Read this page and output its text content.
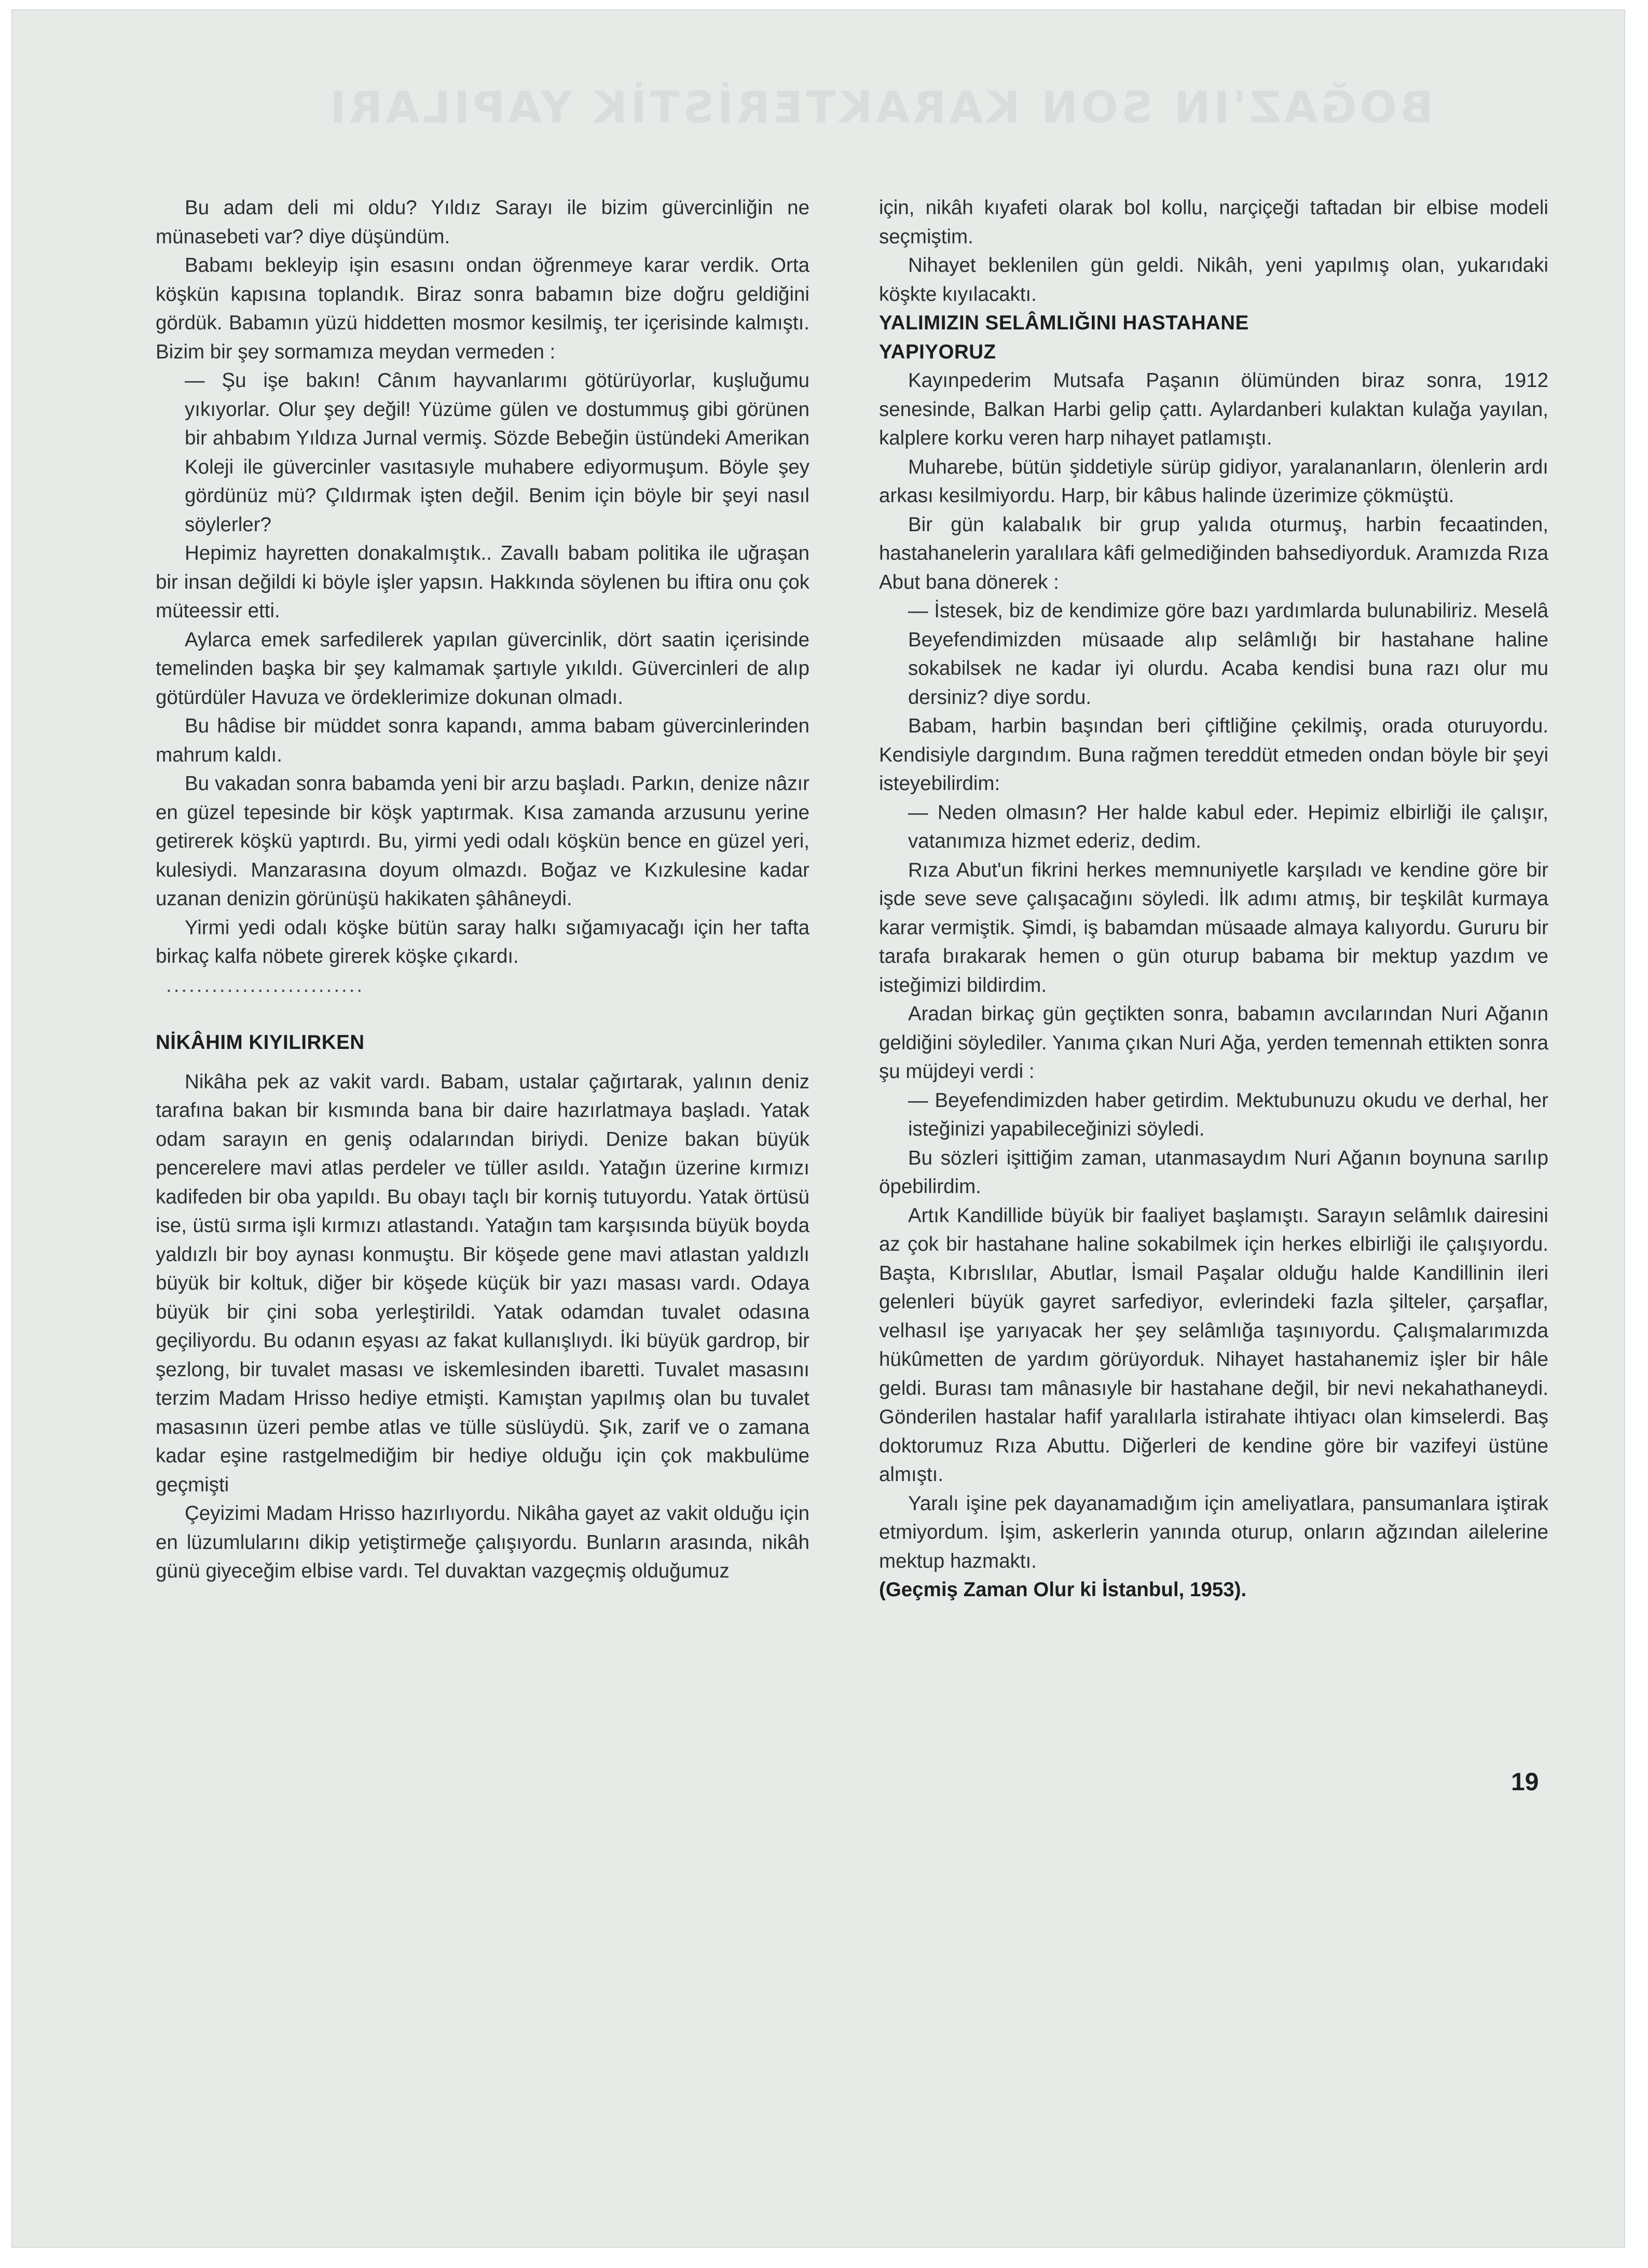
BOĞAZ'IN SON KARAKTERİSTİK YAPILARI

Bu adam deli mi oldu? Yıldız Sarayı ile bizim güvercinliğin ne münasebeti var? diye düşündüm.

Babamı bekleyip işin esasını ondan öğrenmeye karar verdik. Orta köşkün kapısına toplandık. Biraz sonra babamın bize doğru geldiğini gördük. Babamın yüzü hiddetten mosmor kesilmiş, ter içerisinde kalmıştı. Bizim bir şey sormamıza meydan vermeden :

— Şu işe bakın! Cânım hayvanlarımı götürüyorlar, kuşluğumu yıkıyorlar. Olur şey değil! Yüzüme gülen ve dostummuş gibi görünen bir ahbabım Yıldıza Jurnal vermiş. Sözde Bebeğin üstündeki Amerikan Koleji ile güvercinler vasıtasıyle muhabere ediyormuşum. Böyle şey gördünüz mü? Çıldırmak işten değil. Benim için böyle bir şeyi nasıl söylerler?

Hepimiz hayretten donakalmıştık.. Zavallı babam politika ile uğraşan bir insan değildi ki böyle işler yapsın. Hakkında söylenen bu iftira onu çok müteessir etti.

Aylarca emek sarfedilerek yapılan güvercinlik, dört saatin içerisinde temelinden başka bir şey kalmamak şartıyle yıkıldı. Güvercinleri de alıp götürdüler Havuza ve ördeklerimize dokunan olmadı.

Bu hâdise bir müddet sonra kapandı, amma babam güvercinlerinden mahrum kaldı.

Bu vakadan sonra babamda yeni bir arzu başladı. Parkın, denize nâzır en güzel tepesinde bir köşk yaptırmak. Kısa zamanda arzusunu yerine getirerek köşkü yaptırdı. Bu, yirmi yedi odalı köşkün bence en güzel yeri, kulesiydi. Manzarasına doyum olmazdı. Boğaz ve Kızkulesine kadar uzanan denizin görünüşü hakikaten şâhâneydi.

Yirmi yedi odalı köşke bütün saray halkı sığamıyacağı için her tafta birkaç kalfa nöbete girerek köşke çıkardı.

..........................
NİKÂHIM KIYILIRKEN

Nikâha pek az vakit vardı. Babam, ustalar çağırtarak, yalının deniz tarafına bakan bir kısmında bana bir daire hazırlatmaya başladı. Yatak odam sarayın en geniş odalarından biriydi. Denize bakan büyük pencerelere mavi atlas perdeler ve tüller asıldı. Yatağın üzerine kırmızı kadifeden bir oba yapıldı. Bu obayı taçlı bir korniş tutuyordu. Yatak örtüsü ise, üstü sırma işli kırmızı atlastandı. Yatağın tam karşısında büyük boyda yaldızlı bir boy aynası konmuştu. Bir köşede gene mavi atlastan yaldızlı büyük bir koltuk, diğer bir köşede küçük bir yazı masası vardı. Odaya büyük bir çini soba yerleştirildi. Yatak odamdan tuvalet odasına geçiliyordu. Bu odanın eşyası az fakat kullanışlıydı. İki büyük gardrop, bir şezlong, bir tuvalet masası ve iskemlesinden ibaretti. Tuvalet masasını terzim Madam Hrisso hediye etmişti. Kamıştan yapılmış olan bu tuvalet masasının üzeri pembe atlas ve tülle süslüydü. Şık, zarif ve o zamana kadar eşine rastgelmediğim bir hediye olduğu için çok makbulüme geçmişti

Çeyizimi Madam Hrisso hazırlıyordu. Nikâha gayet az vakit olduğu için en lüzumlularını dikip yetiştirmeğe çalışıyordu. Bunların arasında, nikâh günü giyeceğim elbise vardı. Tel duvaktan vazgeçmiş olduğumuz

için, nikâh kıyafeti olarak bol kollu, narçiçeği taftadan bir elbise modeli seçmiştim.

Nihayet beklenilen gün geldi. Nikâh, yeni yapılmış olan, yukarıdaki köşkte kıyılacaktı.

YALIMIZIN SELÂMLIĞINI HASTAHANE
YAPIYORUZ

Kayınpederim Mutsafa Paşanın ölümünden biraz sonra, 1912 senesinde, Balkan Harbi gelip çattı. Aylardanberi kulaktan kulağa yayılan, kalplere korku veren harp nihayet patlamıştı.

Muharebe, bütün şiddetiyle sürüp gidiyor, yaralananların, ölenlerin ardı arkası kesilmiyordu. Harp, bir kâbus halinde üzerimize çökmüştü.

Bir gün kalabalık bir grup yalıda oturmuş, harbin fecaatinden, hastahanelerin yaralılara kâfi gelmediğinden bahsediyorduk. Aramızda Rıza Abut bana dönerek :

— İstesek, biz de kendimize göre bazı yardımlarda bulunabiliriz. Meselâ Beyefendimizden müsaade alıp selâmlığı bir hastahane haline sokabilsek ne kadar iyi olurdu. Acaba kendisi buna razı olur mu dersiniz? diye sordu.

Babam, harbin başından beri çiftliğine çekilmiş, orada oturuyordu. Kendisiyle dargındım. Buna rağmen tereddüt etmeden ondan böyle bir şeyi isteyebilirdim:

— Neden olmasın? Her halde kabul eder. Hepimiz elbirliği ile çalışır, vatanımıza hizmet ederiz, dedim.

Rıza Abut'un fikrini herkes memnuniyetle karşıladı ve kendine göre bir işde seve seve çalışacağını söyledi. İlk adımı atmış, bir teşkilât kurmaya karar vermiştik. Şimdi, iş babamdan müsaade almaya kalıyordu. Gururu bir tarafa bırakarak hemen o gün oturup babama bir mektup yazdım ve isteğimizi bildirdim.

Aradan birkaç gün geçtikten sonra, babamın avcılarından Nuri Ağanın geldiğini söylediler. Yanıma çıkan Nuri Ağa, yerden temennah ettikten sonra şu müjdeyi verdi :

— Beyefendimizden haber getirdim. Mektubunuzu okudu ve derhal, her isteğinizi yapabileceğinizi söyledi.

Bu sözleri işittiğim zaman, utanmasaydım Nuri Ağanın boynuna sarılıp öpebilirdim.

Artık Kandillide büyük bir faaliyet başlamıştı. Sarayın selâmlık dairesini az çok bir hastahane haline sokabilmek için herkes elbirliği ile çalışıyordu. Başta, Kıbrıslılar, Abutlar, İsmail Paşalar olduğu halde Kandillinin ileri gelenleri büyük gayret sarfediyor, evlerindeki fazla şilteler, çarşaflar, velhasıl işe yarıyacak her şey selâmlığa taşınıyordu. Çalışmalarımızda hükûmetten de yardım görüyorduk. Nihayet hastahanemiz işler bir hâle geldi. Burası tam mânasıyle bir hastahane değil, bir nevi nekahathaneydi. Gönderilen hastalar hafif yaralılarla istirahate ihtiyacı olan kimselerdi. Baş doktorumuz Rıza Abuttu. Diğerleri de kendine göre bir vazifeyi üstüne almıştı.

Yaralı işine pek dayanamadığım için ameliyatlara, pansumanlara iştirak etmiyordum. İşim, askerlerin yanında oturup, onların ağzından ailelerine mektup hazmaktı.

(Geçmiş Zaman Olur ki İstanbul, 1953).

19
